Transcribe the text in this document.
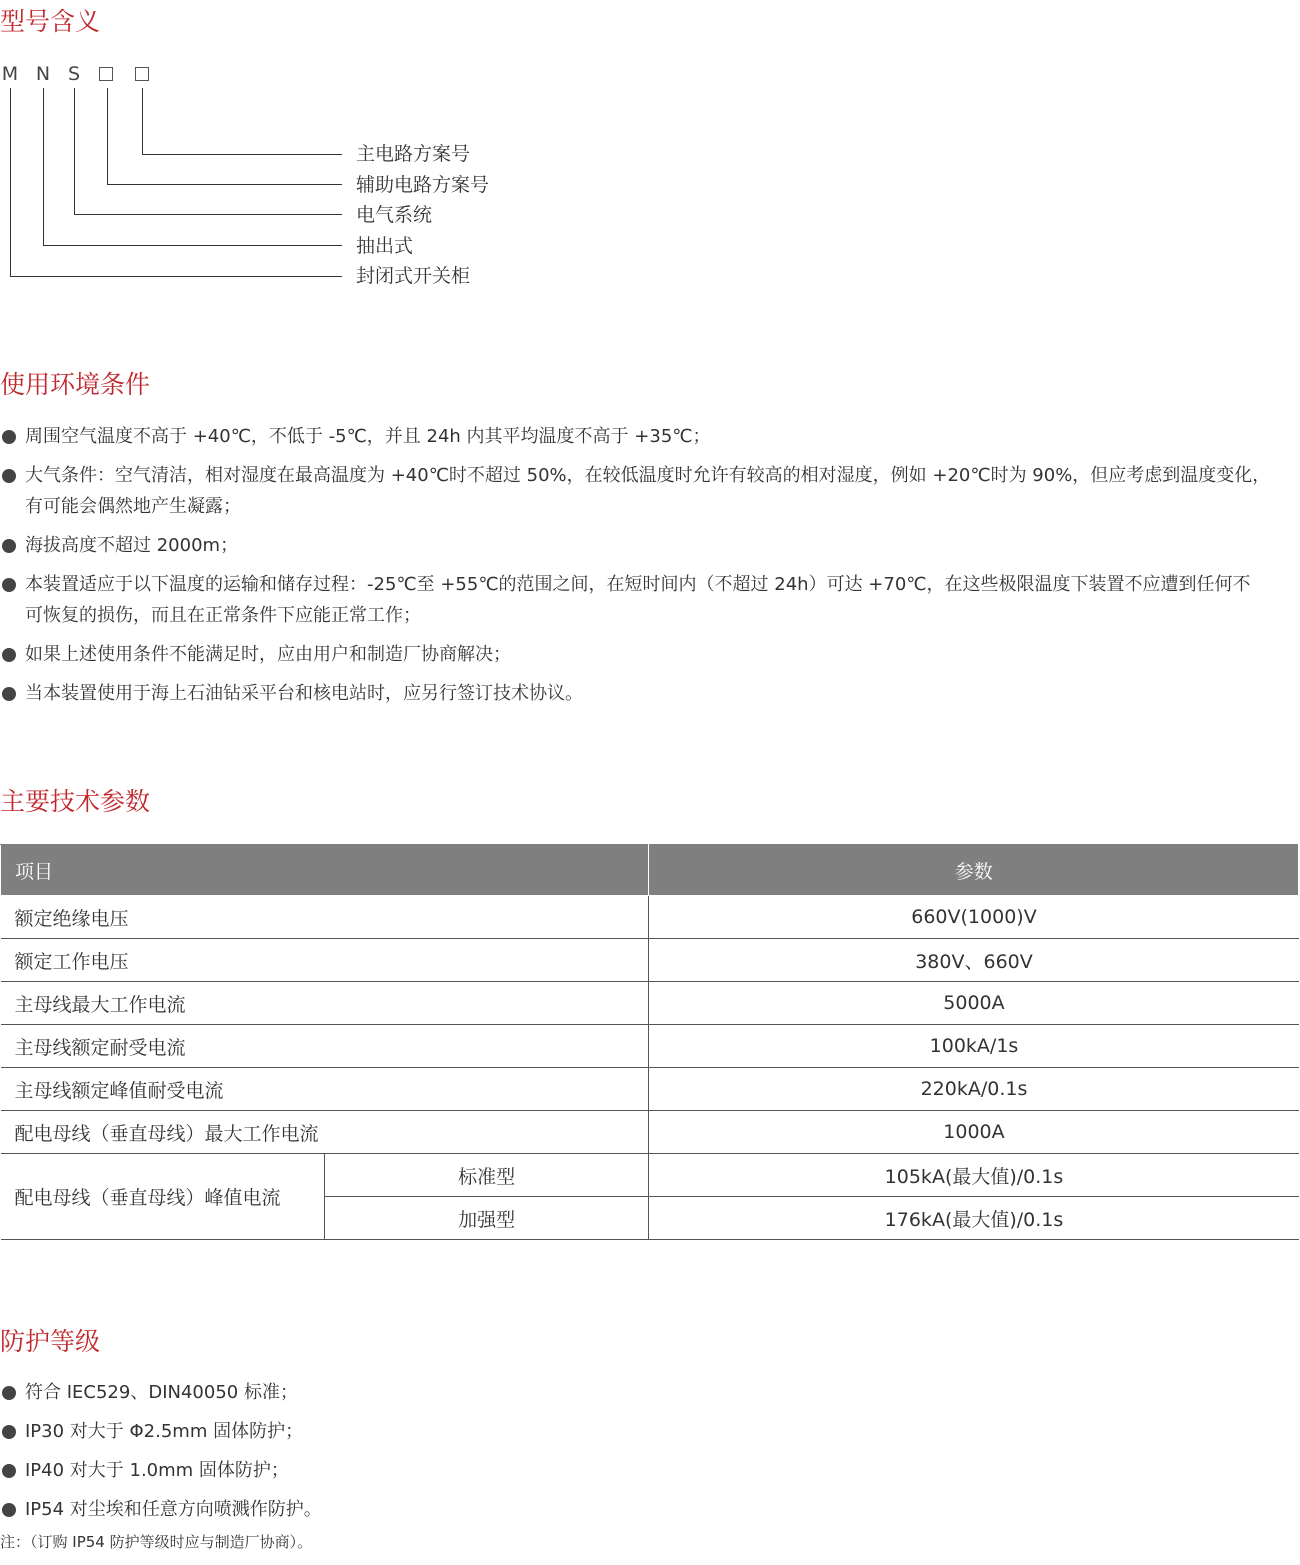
型号含义
M N S
主电路方案号
辅助电路方案号
电气系统
抽出式
封闭式开关柜
使用环境条件
周围空气温度不高于 +40℃，不低于 -5℃，并且 24h 内其平均温度不高于 +35℃；
大气条件：空气清洁，相对湿度在最高温度为 +40℃时不超过 50%，在较低温度时允许有较高的相对湿度，例如 +20℃时为 90%，但应考虑到温度变化，
有可能会偶然地产生凝露；
海拔高度不超过 2000m；
本装置适应于以下温度的运输和储存过程：-25℃至 +55℃的范围之间，在短时间内（不超过 24h）可达 +70℃，在这些极限温度下装置不应遭到任何不
可恢复的损伤，而且在正常条件下应能正常工作；
如果上述使用条件不能满足时，应由用户和制造厂协商解决；
当本装置使用于海上石油钻采平台和核电站时，应另行签订技术协议。
主要技术参数
项目		参数
额定绝缘电压		660V(1000)V
额定工作电压		380V、660V
主母线最大工作电流		5000A
主母线额定耐受电流		100kA/1s
主母线额定峰值耐受电流		220kA/0.1s
配电母线（垂直母线）最大工作电流		1000A
配电母线（垂直母线）峰值电流	标准型	105kA(最大值)/0.1s
	加强型	176kA(最大值)/0.1s
防护等级
符合 IEC529、DIN40050 标准；
IP30 对大于 Φ2.5mm 固体防护；
IP40 对大于 1.0mm 固体防护；
IP54 对尘埃和任意方向喷溅作防护。
注：（订购 IP54 防护等级时应与制造厂协商）。
